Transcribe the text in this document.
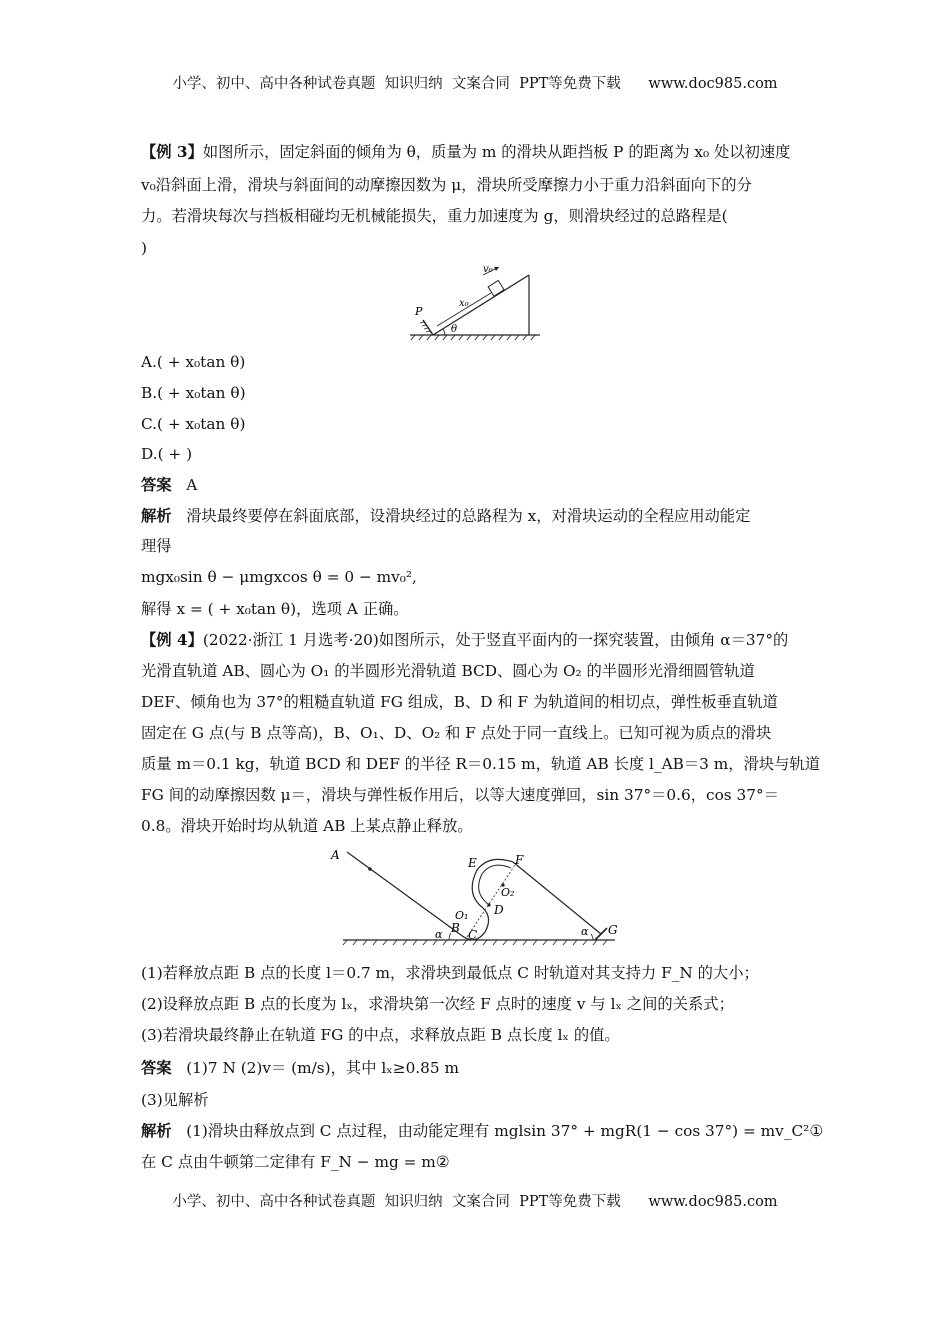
小学、初中、高中各种试卷真题  知识归纳  文案合同  PPT等免费下载      www.doc985.com
【例 3】如图所示，固定斜面的倾角为 θ，质量为 m 的滑块从距挡板 P 的距离为 x₀ 处以初速度
v₀沿斜面上滑，滑块与斜面间的动摩擦因数为 μ，滑块所受摩擦力小于重力沿斜面向下的分
力。若滑块每次与挡板相碰均无机械能损失，重力加速度为 g，则滑块经过的总路程是(
)
v₀
x₀
P
θ
A.( + x₀tan θ)
B.( + x₀tan θ)
C.( + x₀tan θ)
D.( + )
答案 A
解析 滑块最终要停在斜面底部，设滑块经过的总路程为 x，对滑块运动的全程应用动能定
理得
mgx₀sin θ − μmgxcos θ = 0 − mv₀²,
解得 x = ( + x₀tan θ)，选项 A 正确。
【例 4】(2022·浙江 1 月选考·20)如图所示，处于竖直平面内的一探究装置，由倾角 α＝37°的
光滑直轨道 AB、圆心为 O₁ 的半圆形光滑轨道 BCD、圆心为 O₂ 的半圆形光滑细圆管轨道
DEF、倾角也为 37°的粗糙直轨道 FG 组成，B、D 和 F 为轨道间的相切点，弹性板垂直轨道
固定在 G 点(与 B 点等高)，B、O₁、D、O₂ 和 F 点处于同一直线上。已知可视为质点的滑块
质量 m＝0.1 kg，轨道 BCD 和 DEF 的半径 R＝0.15 m，轨道 AB 长度 l_AB＝3 m，滑块与轨道
FG 间的动摩擦因数 μ＝，滑块与弹性板作用后，以等大速度弹回，sin 37°＝0.6，cos 37°＝
0.8。滑块开始时均从轨道 AB 上某点静止释放。
A
B C
D
E	F
G
O₁
O₂
α	α
(1)若释放点距 B 点的长度 l＝0.7 m，求滑块到最低点 C 时轨道对其支持力 F_N 的大小；
(2)设释放点距 B 点的长度为 lₓ，求滑块第一次经 F 点时的速度 v 与 lₓ 之间的关系式；
(3)若滑块最终静止在轨道 FG 的中点，求释放点距 B 点长度 lₓ 的值。
答案 (1)7 N (2)v＝ (m/s)，其中 lₓ≥0.85 m
(3)见解析
解析 (1)滑块由释放点到 C 点过程，由动能定理有 mglsin 37° + mgR(1 − cos 37°) = mv_C²①
在 C 点由牛顿第二定律有 F_N − mg = m②
小学、初中、高中各种试卷真题  知识归纳  文案合同  PPT等免费下载      www.doc985.com
